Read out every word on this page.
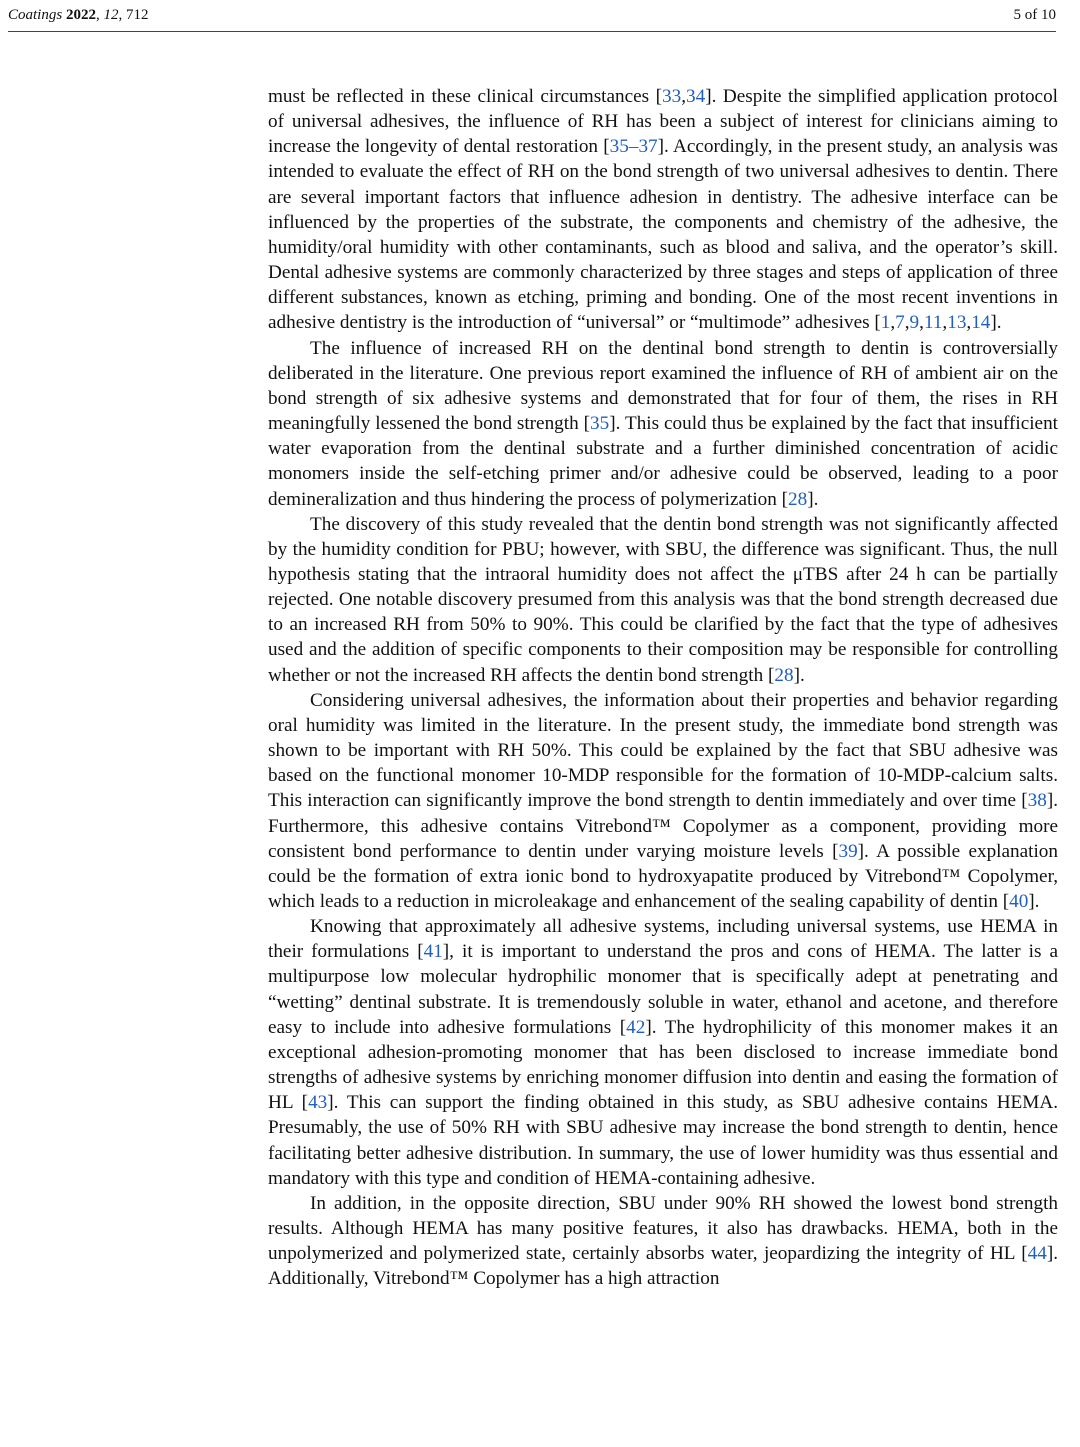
Coatings 2022, 12, 712	5 of 10

must be reflected in these clinical circumstances [33,34]. Despite the simplified application protocol of universal adhesives, the influence of RH has been a subject of interest for clinicians aiming to increase the longevity of dental restoration [35–37]. Accordingly, in the present study, an analysis was intended to evaluate the effect of RH on the bond strength of two universal adhesives to dentin. There are several important factors that influence adhesion in dentistry. The adhesive interface can be influenced by the properties of the substrate, the components and chemistry of the adhesive, the humidity/oral humidity with other contaminants, such as blood and saliva, and the operator’s skill. Dental adhesive systems are commonly characterized by three stages and steps of application of three different substances, known as etching, priming and bonding. One of the most recent inventions in adhesive dentistry is the introduction of “universal” or “multimode” adhesives [1,7,9,11,13,14].

The influence of increased RH on the dentinal bond strength to dentin is controversially deliberated in the literature. One previous report examined the influence of RH of ambient air on the bond strength of six adhesive systems and demonstrated that for four of them, the rises in RH meaningfully lessened the bond strength [35]. This could thus be explained by the fact that insufficient water evaporation from the dentinal substrate and a further diminished concentration of acidic monomers inside the self-etching primer and/or adhesive could be observed, leading to a poor demineralization and thus hindering the process of polymerization [28].

The discovery of this study revealed that the dentin bond strength was not significantly affected by the humidity condition for PBU; however, with SBU, the difference was significant. Thus, the null hypothesis stating that the intraoral humidity does not affect the μTBS after 24 h can be partially rejected. One notable discovery presumed from this analysis was that the bond strength decreased due to an increased RH from 50% to 90%. This could be clarified by the fact that the type of adhesives used and the addition of specific components to their composition may be responsible for controlling whether or not the increased RH affects the dentin bond strength [28].

Considering universal adhesives, the information about their properties and behavior regarding oral humidity was limited in the literature. In the present study, the immediate bond strength was shown to be important with RH 50%. This could be explained by the fact that SBU adhesive was based on the functional monomer 10-MDP responsible for the formation of 10-MDP-calcium salts. This interaction can significantly improve the bond strength to dentin immediately and over time [38]. Furthermore, this adhesive contains Vitrebond™ Copolymer as a component, providing more consistent bond performance to dentin under varying moisture levels [39]. A possible explanation could be the formation of extra ionic bond to hydroxyapatite produced by Vitrebond™ Copolymer, which leads to a reduction in microleakage and enhancement of the sealing capability of dentin [40].

Knowing that approximately all adhesive systems, including universal systems, use HEMA in their formulations [41], it is important to understand the pros and cons of HEMA. The latter is a multipurpose low molecular hydrophilic monomer that is specifically adept at penetrating and “wetting” dentinal substrate. It is tremendously soluble in water, ethanol and acetone, and therefore easy to include into adhesive formulations [42]. The hydrophilicity of this monomer makes it an exceptional adhesion-promoting monomer that has been disclosed to increase immediate bond strengths of adhesive systems by enriching monomer diffusion into dentin and easing the formation of HL [43]. This can support the finding obtained in this study, as SBU adhesive contains HEMA. Presumably, the use of 50% RH with SBU adhesive may increase the bond strength to dentin, hence facilitating better adhesive distribution. In summary, the use of lower humidity was thus essential and mandatory with this type and condition of HEMA-containing adhesive.

In addition, in the opposite direction, SBU under 90% RH showed the lowest bond strength results. Although HEMA has many positive features, it also has drawbacks. HEMA, both in the unpolymerized and polymerized state, certainly absorbs water, jeopardizing the integrity of HL [44]. Additionally, Vitrebond™ Copolymer has a high attraction
